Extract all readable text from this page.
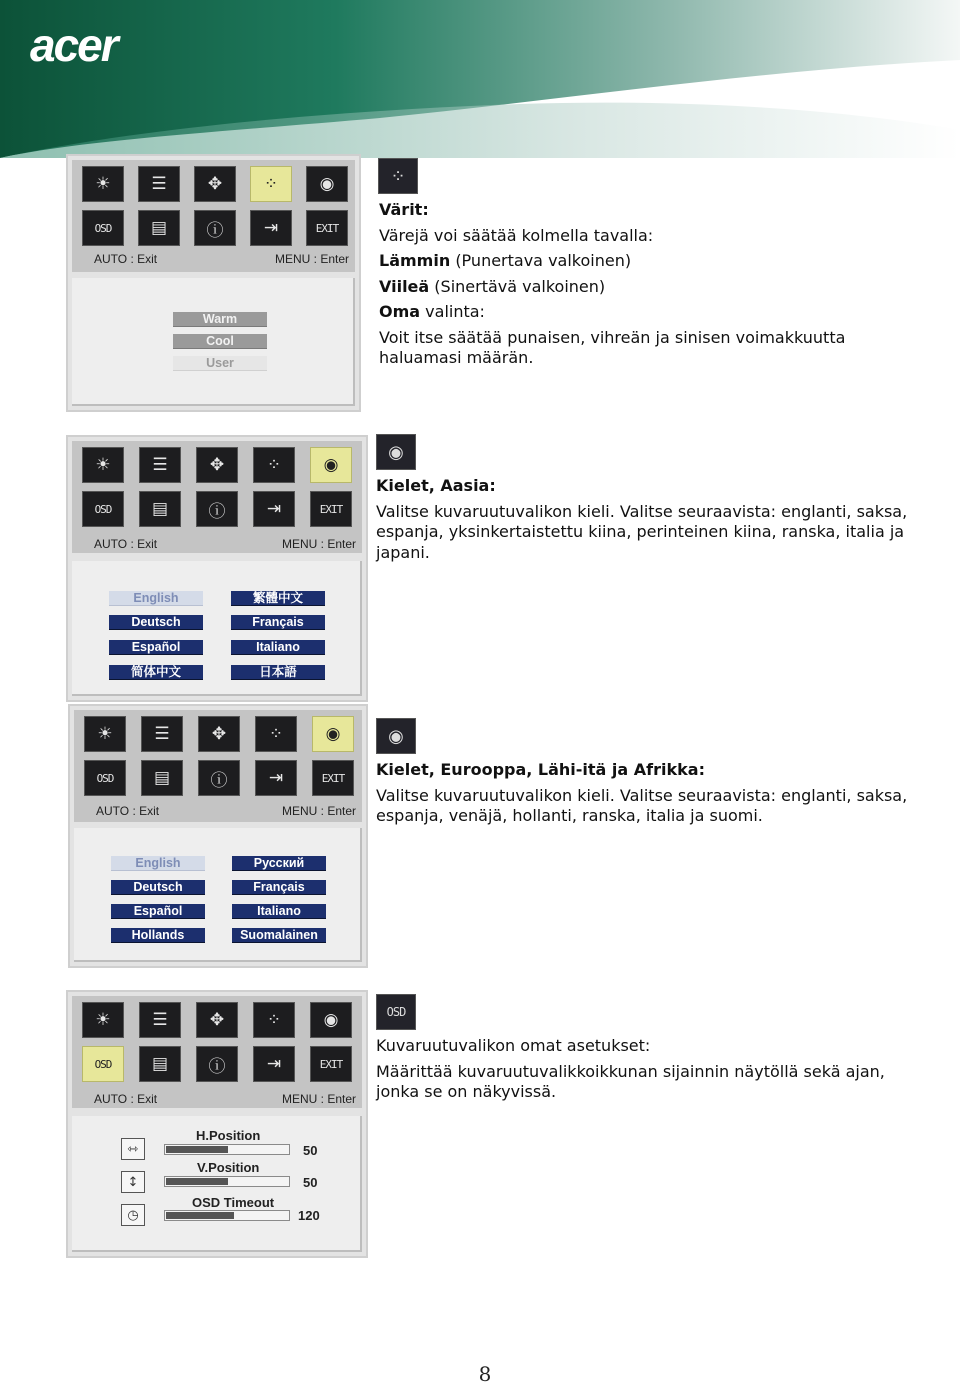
acer
☀	☰	✥	⁘	◉
OSD	▤	ⓘ	⇥	EXIT
AUTO : Exit	MENU : Enter
Warm
Cool
User
⁘

Värit:

Värejä voi säätää kolmella tavalla:

Lämmin (Punertava valkoinen)

Viileä (Sinertävä valkoinen)

Oma valinta:

Voit itse säätää punaisen, vihreän ja sinisen voimakkuutta haluamasi määrän.

☀	☰	✥	⁘	◉
OSD	▤	ⓘ	⇥	EXIT
AUTO : Exit	MENU : Enter
English
Deutsch
Español
简体中文
繁體中文
Français
Italiano
日本語
◉

Kielet, Aasia:

Valitse kuvaruutuvalikon kieli. Valitse seuraavista: englanti, saksa, espanja, yksinkertaistettu kiina, perinteinen kiina, ranska, italia ja japani.

☀	☰	✥	⁘	◉
OSD	▤	ⓘ	⇥	EXIT
AUTO : Exit	MENU : Enter
English
Deutsch
Español
Hollands
Русский
Français
Italiano
Suomalainen
◉

Kielet, Eurooppa, Lähi-itä ja Afrikka:

Valitse kuvaruutuvalikon kieli. Valitse seuraavista: englanti, saksa, espanja, venäjä, hollanti, ranska, italia ja suomi.

☀	☰	✥	⁘	◉
OSD	▤	ⓘ	⇥	EXIT
AUTO : Exit	MENU : Enter
H.Position
⇿	50
V.Position
↕	50
OSD Timeout
◷	120
OSD

Kuvaruutuvalikon omat asetukset:

Määrittää kuvaruutuvalikkoikkunan sijainnin näytöllä sekä ajan, jonka se on näkyvissä.

8
